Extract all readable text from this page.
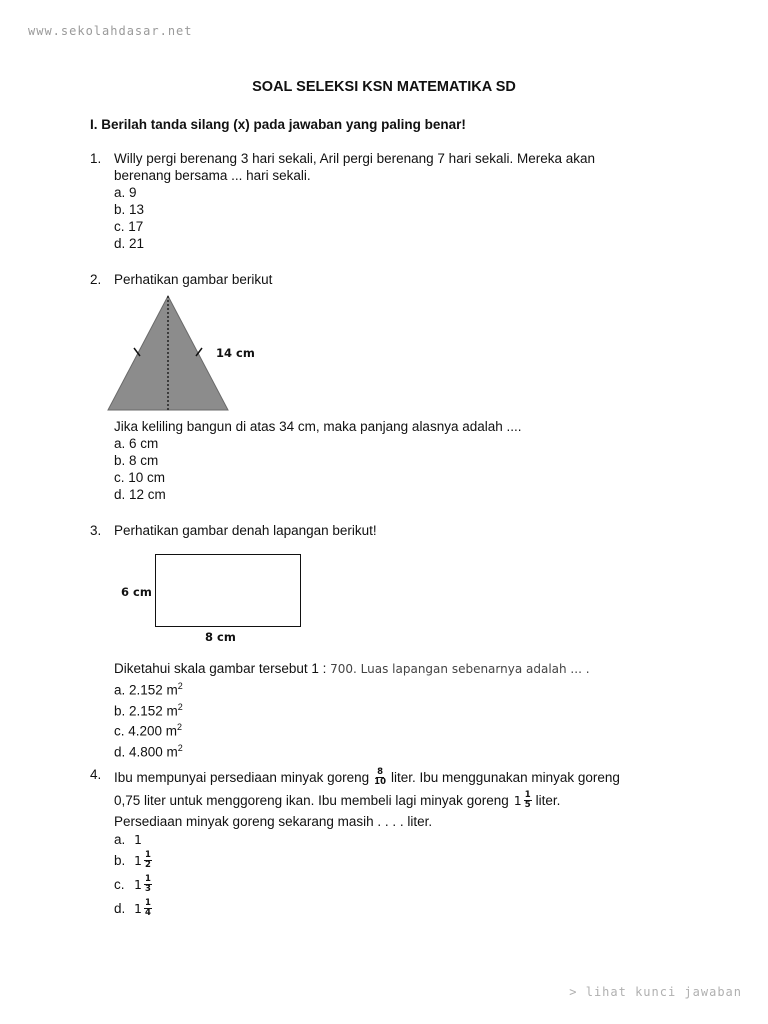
www.sekolahdasar.net
SOAL SELEKSI KSN MATEMATIKA SD
I. Berilah tanda silang (x) pada jawaban yang paling benar!
1. Willy pergi berenang 3 hari sekali, Aril pergi berenang 7 hari sekali. Mereka akan
berenang bersama ... hari sekali.
a. 9
b. 13
c. 17
d. 21
2. Perhatikan gambar berikut
14 cm
Jika keliling bangun di atas 34 cm, maka panjang alasnya adalah ....
a. 6 cm
b. 8 cm
c. 10 cm
d. 12 cm
3. Perhatikan gambar denah lapangan berikut!
6 cm
8 cm
Diketahui skala gambar tersebut 1 : 700. Luas lapangan sebenarnya adalah ... .
a. 2.152 $m^2$
b. 2.152 $m^2$
c. 4.200 $m^2$
d. 4.800 $m^2$
4. Ibu mempunyai persediaan minyak goreng $\frac{8}{10}$ liter. Ibu menggunakan minyak goreng
0,75 liter untuk menggoreng ikan. Ibu membeli lagi minyak goreng $1 \frac{1}{5}$ liter.
Persediaan minyak goreng sekarang masih . . . . liter.
a. 1
b. $1 \frac{1}{2}$
c. $1 \frac{1}{3}$
d. $1 \frac{1}{4}$
> lihat kunci jawaban
